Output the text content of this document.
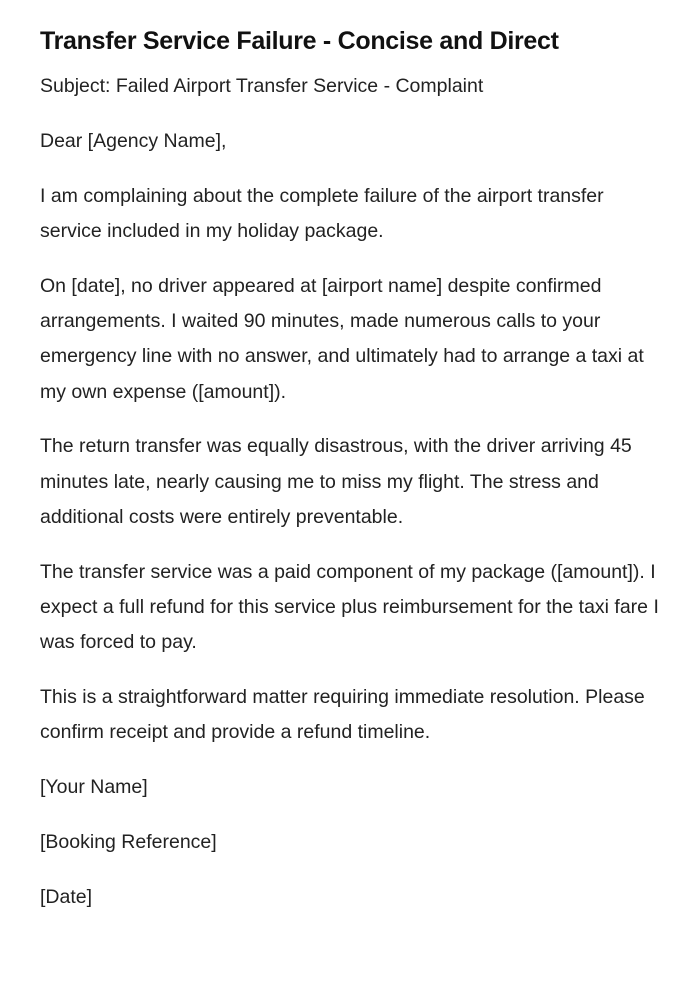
Transfer Service Failure - Concise and Direct

Subject: Failed Airport Transfer Service - Complaint

Dear [Agency Name],

I am complaining about the complete failure of the airport transfer service included in my holiday package.

On [date], no driver appeared at [airport name] despite confirmed arrangements. I waited 90 minutes, made numerous calls to your emergency line with no answer, and ultimately had to arrange a taxi at my own expense ([amount]).

The return transfer was equally disastrous, with the driver arriving 45 minutes late, nearly causing me to miss my flight. The stress and additional costs were entirely preventable.

The transfer service was a paid component of my package ([amount]). I expect a full refund for this service plus reimbursement for the taxi fare I was forced to pay.

This is a straightforward matter requiring immediate resolution. Please confirm receipt and provide a refund timeline.

[Your Name]

[Booking Reference]

[Date]
